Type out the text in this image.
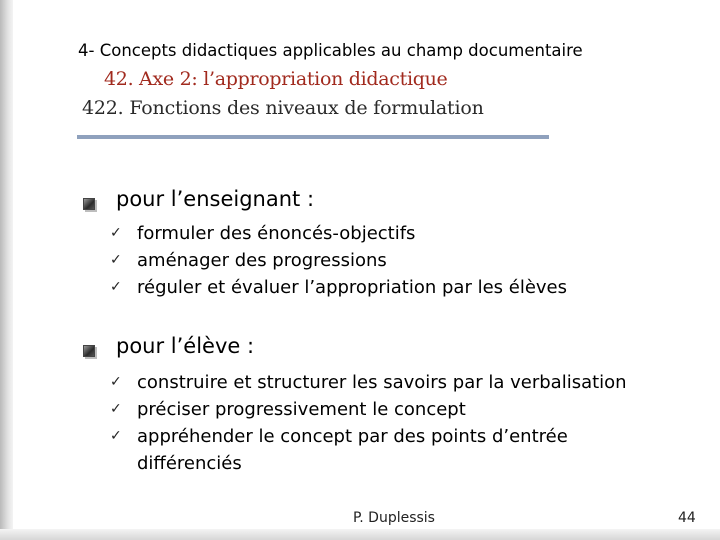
4- Concepts didactiques applicables au champ documentaire
42. Axe 2: l’appropriation didactique
422. Fonctions des niveaux de formulation
pour l’enseignant :
✓ formuler des énoncés-objectifs
✓ aménager des progressions
✓ réguler et évaluer l’appropriation par les élèves
pour l’élève :
✓ construire et structurer les savoirs par la verbalisation
✓ préciser progressivement le concept
✓ appréhender le concept par des points d’entrée différenciés
P. Duplessis	44
